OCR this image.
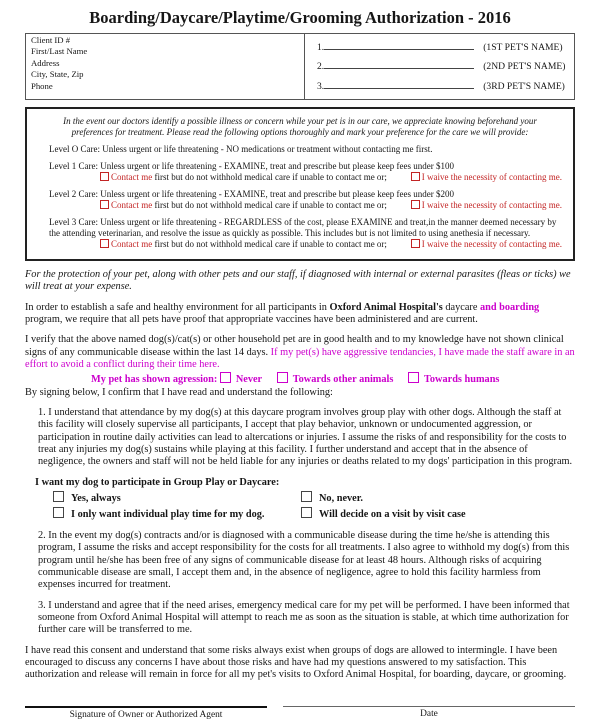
Boarding/Daycare/Playtime/Grooming Authorization - 2016
Client ID #
First/Last Name
Address
City, State, Zip
Phone
1.	(1ST PET'S NAME)
2.	(2ND PET'S NAME)
3.	(3RD PET'S NAME)
In the event our doctors identify a possible illness or concern while your pet is in our care, we appreciate knowing beforehand your preferences for treatment. Please read the following options thoroughly and mark your preference for the care we will provide:
Level O Care: Unless urgent or life threatening - NO medications or treatment without contacting me first.
Level 1 Care: Unless urgent or life threatening - EXAMINE, treat and prescribe but please keep fees under $100
Contact me first but do not withhold medical care if unable to contact me or;	I waive the necessity of contacting me.
Level 2 Care: Unless urgent or life threatening - EXAMINE, treat and prescribe but please keep fees under $200
Contact me first but do not withhold medical care if unable to contact me or;	I waive the necessity of contacting me.
Level 3 Care: Unless urgent or life threatening - REGARDLESS of the cost, please EXAMINE and treat,in the manner deemed necessary by the attending veterinarian, and resolve the issue as quickly as possible. This includes but is not limited to using anethesia if necessary.
Contact me first but do not withhold medical care if unable to contact me or;	I waive the necessity of contacting me.
For the protection of your pet, along with other pets and our staff, if diagnosed with internal or external parasites (fleas or ticks) we will treat at your expense.
In order to establish a safe and healthy environment for all participants in Oxford Animal Hospital's daycare and boarding program, we require that all pets have proof that appropriate vaccines have been administered and are current.
I verify that the above named dog(s)/cat(s) or other household pet are in good health and to my knowledge have not shown clinical signs of any communicable disease within the last 14 days. If my pet(s) have aggressive tendancies, I have made the staff aware in an effort to avoid a conflict during their time here.
My pet has shown agression: Never	Towards other animals	Towards humans
By signing below, I confirm that I have read and understand the following:
1. I understand that attendance by my dog(s) at this daycare program involves group play with other dogs. Although the staff at this facility will closely supervise all participants, I accept that play behavior, unknown or undocumented aggression, or participation in routine daily activities can lead to altercations or injuries. I assume the risks of and responsibility for the costs to treat any injuries my dog(s) sustains while playing at this facility. I further understand and accept that in the absence of negligence, the owners and staff will not be held liable for any injuries or deaths related to my dogs' participation in this program.
I want my dog to participate in Group Play or Daycare:
Yes, always	No, never.
I only want individual play time for my dog.	Will decide on a visit by visit case
2. In the event my dog(s) contracts and/or is diagnosed with a communicable disease during the time he/she is attending this program, I assume the risks and accept responsibility for the costs for all treatments. I also agree to withhold my dog(s) from this program until he/she has been free of any signs of communicable disease for at least 48 hours. Although risks of acquiring communicable disease are small, I accept them and, in the absence of negligence, agree to hold this facility harmless from expenses incurred for treatment.
3. I understand and agree that if the need arises, emergency medical care for my pet will be performed. I have been informed that someone from Oxford Animal Hospital will attempt to reach me as soon as the situation is stable, at which time authorization for further care will be transferred to me.
I have read this consent and understand that some risks always exist when groups of dogs are allowed to intermingle. I have been encouraged to discuss any concerns I have about those risks and have had my questions answered to my satisfaction. This authorization and release will remain in force for all my pet's visits to Oxford Animal Hospital, for boarding, daycare, or grooming.
Signature of Owner or Authorized Agent	Date
